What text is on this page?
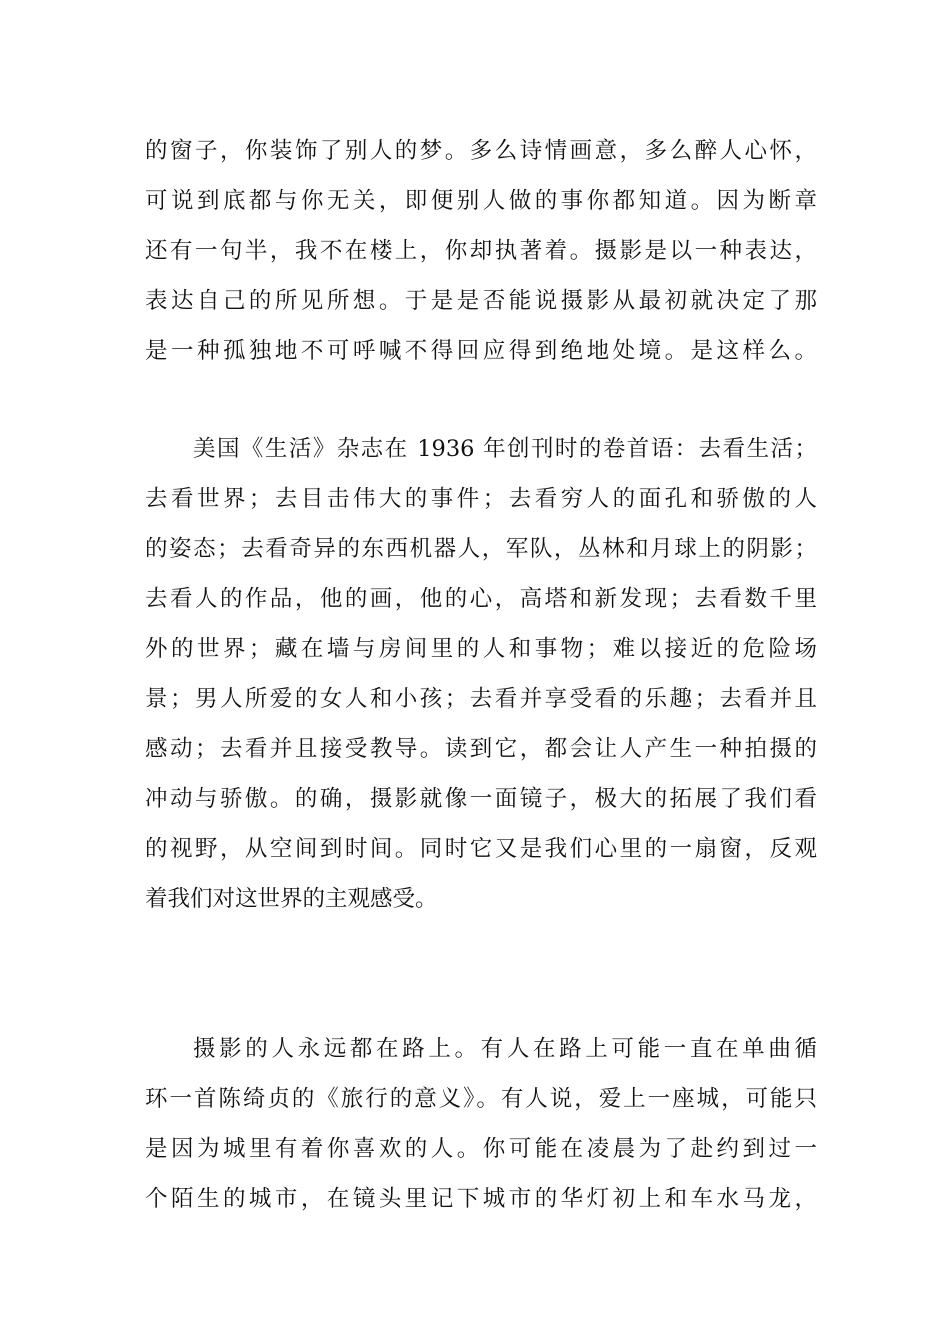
的窗子，你装饰了别人的梦。多么诗情画意，多么醉人心怀，
可说到底都与你无关，即便别人做的事你都知道。因为断章
还有一句半，我不在楼上，你却执著着。摄影是以一种表达，
表达自己的所见所想。于是是否能说摄影从最初就决定了那
是一种孤独地不可呼喊不得回应得到绝地处境。是这样么。
美国《生活》杂志在 1936 年创刊时的卷首语：去看生活；
去看世界；去目击伟大的事件；去看穷人的面孔和骄傲的人
的姿态；去看奇异的东西机器人，军队，丛林和月球上的阴影；
去看人的作品，他的画，他的心，高塔和新发现；去看数千里
外的世界；藏在墙与房间里的人和事物；难以接近的危险场
景；男人所爱的女人和小孩；去看并享受看的乐趣；去看并且
感动；去看并且接受教导。读到它，都会让人产生一种拍摄的
冲动与骄傲。的确，摄影就像一面镜子，极大的拓展了我们看
的视野，从空间到时间。同时它又是我们心里的一扇窗，反观
着我们对这世界的主观感受。
摄影的人永远都在路上。有人在路上可能一直在单曲循
环一首陈绮贞的《旅行的意义》。有人说，爱上一座城，可能只
是因为城里有着你喜欢的人。你可能在凌晨为了赴约到过一
个陌生的城市，在镜头里记下城市的华灯初上和车水马龙，
